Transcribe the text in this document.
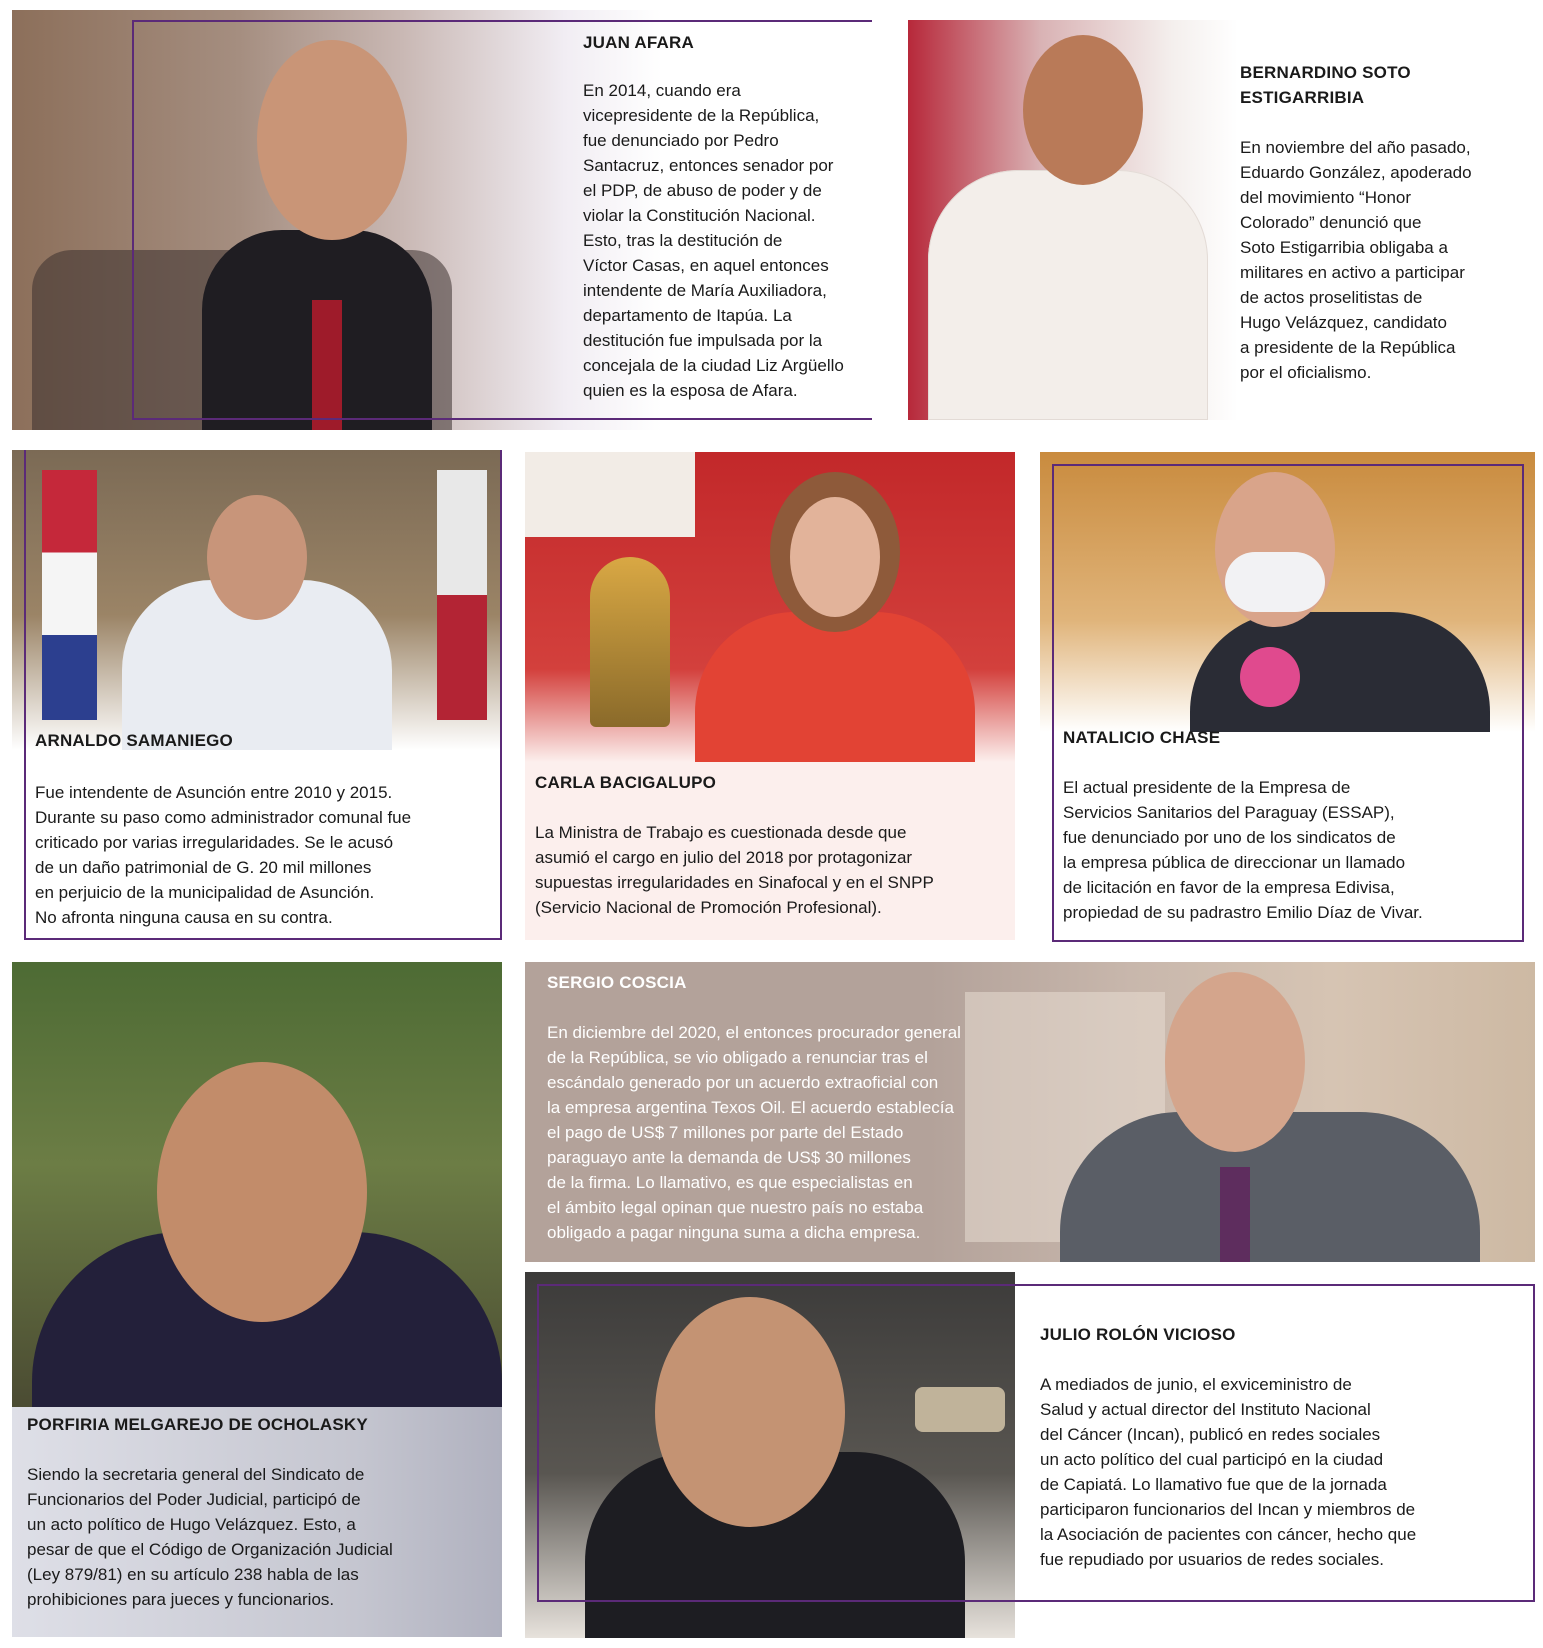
JUAN AFARA

En 2014, cuando era
vicepresidente de la República,
fue denunciado por Pedro
Santacruz, entonces senador por
el PDP, de abuso de poder y de
violar la Constitución Nacional.
Esto, tras la destitución de
Víctor Casas, en aquel entonces
intendente de María Auxiliadora,
departamento de Itapúa. La
destitución fue impulsada por la
concejala de la ciudad Liz Argüello
quien es la esposa de Afara.

BERNARDINO SOTO
ESTIGARRIBIA

En noviembre del año pasado,
Eduardo González, apoderado
del movimiento “Honor
Colorado” denunció que
Soto Estigarribia obligaba a
militares en activo a participar
de actos proselitistas de
Hugo Velázquez, candidato
a presidente de la República
por el oficialismo.

ARNALDO SAMANIEGO

Fue intendente de Asunción entre 2010 y 2015.
Durante su paso como administrador comunal fue
criticado por varias irregularidades. Se le acusó
de un daño patrimonial de G. 20 mil millones
en perjuicio de la municipalidad de Asunción.
No afronta ninguna causa en su contra.

CARLA BACIGALUPO

La Ministra de Trabajo es cuestionada desde que
asumió el cargo en julio del 2018 por protagonizar
supuestas irregularidades en Sinafocal y en el SNPP
(Servicio Nacional de Promoción Profesional).

NATALICIO CHASE

El actual presidente de la Empresa de
Servicios Sanitarios del Paraguay (ESSAP),
fue denunciado por uno de los sindicatos de
la empresa pública de direccionar un llamado
de licitación en favor de la empresa Edivisa,
propiedad de su padrastro Emilio Díaz de Vivar.

PORFIRIA MELGAREJO DE OCHOLASKY

Siendo la secretaria general del Sindicato de
Funcionarios del Poder Judicial, participó de
un acto político de Hugo Velázquez. Esto, a
pesar de que el Código de Organización Judicial
(Ley 879/81) en su artículo 238 habla de las
prohibiciones para jueces y funcionarios.

SERGIO COSCIA

En diciembre del 2020, el entonces procurador general
de la República, se vio obligado a renunciar tras el
escándalo generado por un acuerdo extraoficial con
la empresa argentina Texos Oil. El acuerdo establecía
el pago de US$ 7 millones por parte del Estado
paraguayo ante la demanda de US$ 30 millones
de la firma. Lo llamativo, es que especialistas en
el ámbito legal opinan que nuestro país no estaba
obligado a pagar ninguna suma a dicha empresa.

JULIO ROLÓN VICIOSO

A mediados de junio, el exviceministro de
Salud y actual director del Instituto Nacional
del Cáncer (Incan), publicó en redes sociales
un acto político del cual participó en la ciudad
de Capiatá. Lo llamativo fue que de la jornada
participaron funcionarios del Incan y miembros de
la Asociación de pacientes con cáncer, hecho que
fue repudiado por usuarios de redes sociales.
